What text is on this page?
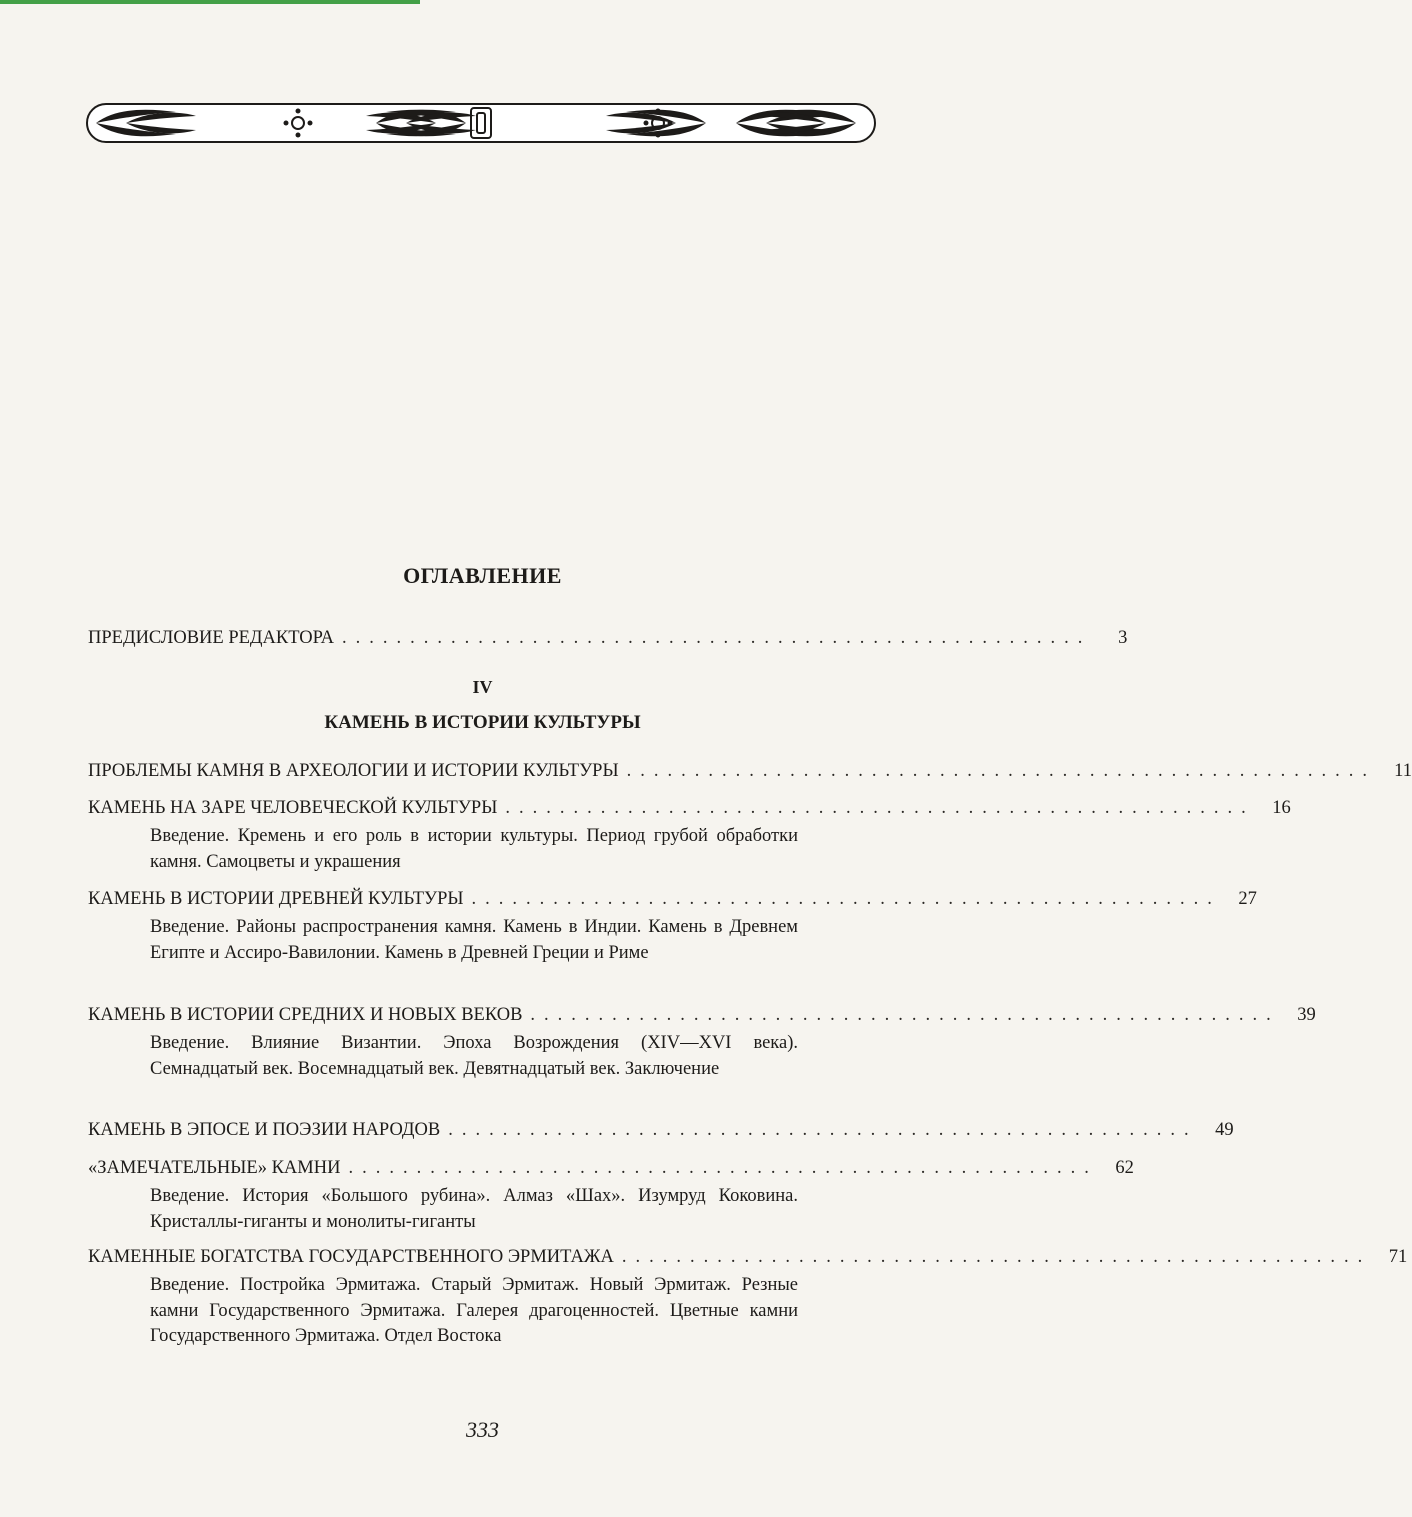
ОГЛАВЛЕНИЕ
ПРЕДИСЛОВИЕ РЕДАКТОРА .......................................................	3
IV
КАМЕНЬ В ИСТОРИИ КУЛЬТУРЫ
ПРОБЛЕМЫ КАМНЯ В АРХЕОЛОГИИ И ИСТОРИИ КУЛЬТУРЫ ....................................................... 11
КАМЕНЬ НА ЗАРЕ ЧЕЛОВЕЧЕСКОЙ КУЛЬТУРЫ ....................................................... 16
Введение. Кремень и его роль в истории культуры. Период грубой обработки камня. Самоцветы и украшения
КАМЕНЬ В ИСТОРИИ ДРЕВНЕЙ КУЛЬТУРЫ ....................................................... 27
Введение. Районы распространения камня. Камень в Индии. Камень в Древнем Египте и Ассиро-Вавилонии. Камень в Древней Греции и Риме
КАМЕНЬ В ИСТОРИИ СРЕДНИХ И НОВЫХ ВЕКОВ ....................................................... 39
Введение. Влияние Византии. Эпоха Возрождения (XIV—XVI века). Семнадцатый век. Восемнадцатый век. Девятнадцатый век. Заключение
КАМЕНЬ В ЭПОСЕ И ПОЭЗИИ НАРОДОВ ....................................................... 49
«ЗАМЕЧАТЕЛЬНЫЕ» КАМНИ ....................................................... 62
Введение. История «Большого рубина». Алмаз «Шах». Изумруд Коковина. Кристаллы-гиганты и монолиты-гиганты
КАМЕННЫЕ БОГАТСТВА ГОСУДАРСТВЕННОГО ЭРМИТАЖА ....................................................... 71
Введение. Постройка Эрмитажа. Старый Эрмитаж. Новый Эрмитаж. Резные камни Государственного Эрмитажа. Галерея драгоценностей. Цветные камни Государственного Эрмитажа. Отдел Востока
333
